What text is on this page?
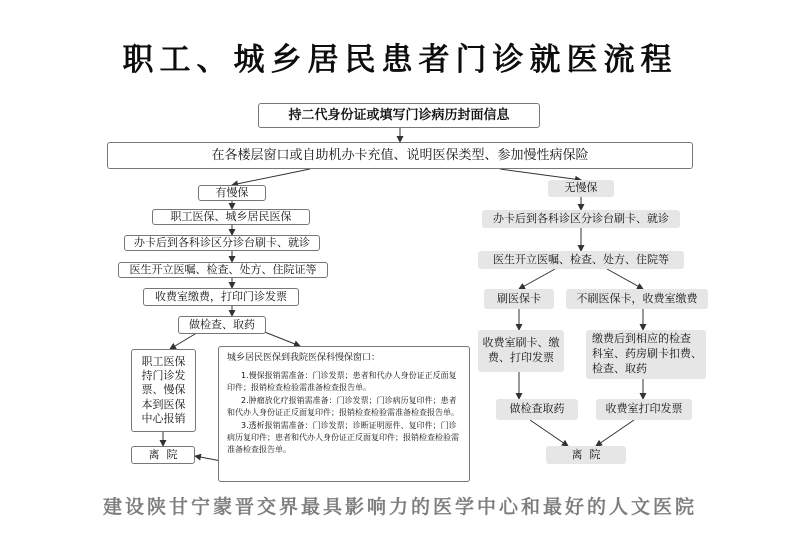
职工、城乡居民患者门诊就医流程
持二代身份证或填写门诊病历封面信息
在各楼层窗口或自助机办卡充值、说明医保类型、参加慢性病保险
有慢保
职工医保、城乡居民医保
办卡后到各科诊区分诊台刷卡、就诊
医生开立医嘱、检查、处方、住院证等
收费室缴费，打印门诊发票
做检查、取药
职工医保
持门诊发
票、慢保
本到医保
中心报销

城乡居民医保到我院医保科慢保窗口：

1.慢保报销需准备：门诊发票；患者和代办人身份证正反面复印件；报销检查检验需准备检查报告单。

2.肿瘤放化疗报销需准备：门诊发票；门诊病历复印件；患者和代办人身份证正反面复印件；报销检查检验需准备检查报告单。

3.透析报销需准备：门诊发票；诊断证明原件、复印件；门诊病历复印件；患者和代办人身份证正反面复印件；报销检查检验需准备检查报告单。

离  院
无慢保
办卡后到各科诊区分诊台刷卡、就诊
医生开立医嘱、检查、处方、住院等
刷医保卡	不刷医保卡，收费室缴费
收费室刷卡、缴
费、打印发票
缴费后到相应的检查
科室、药房刷卡扣费、
检查、取药
做检查取药	收费室打印发票
离  院
建设陕甘宁蒙晋交界最具影响力的医学中心和最好的人文医院
